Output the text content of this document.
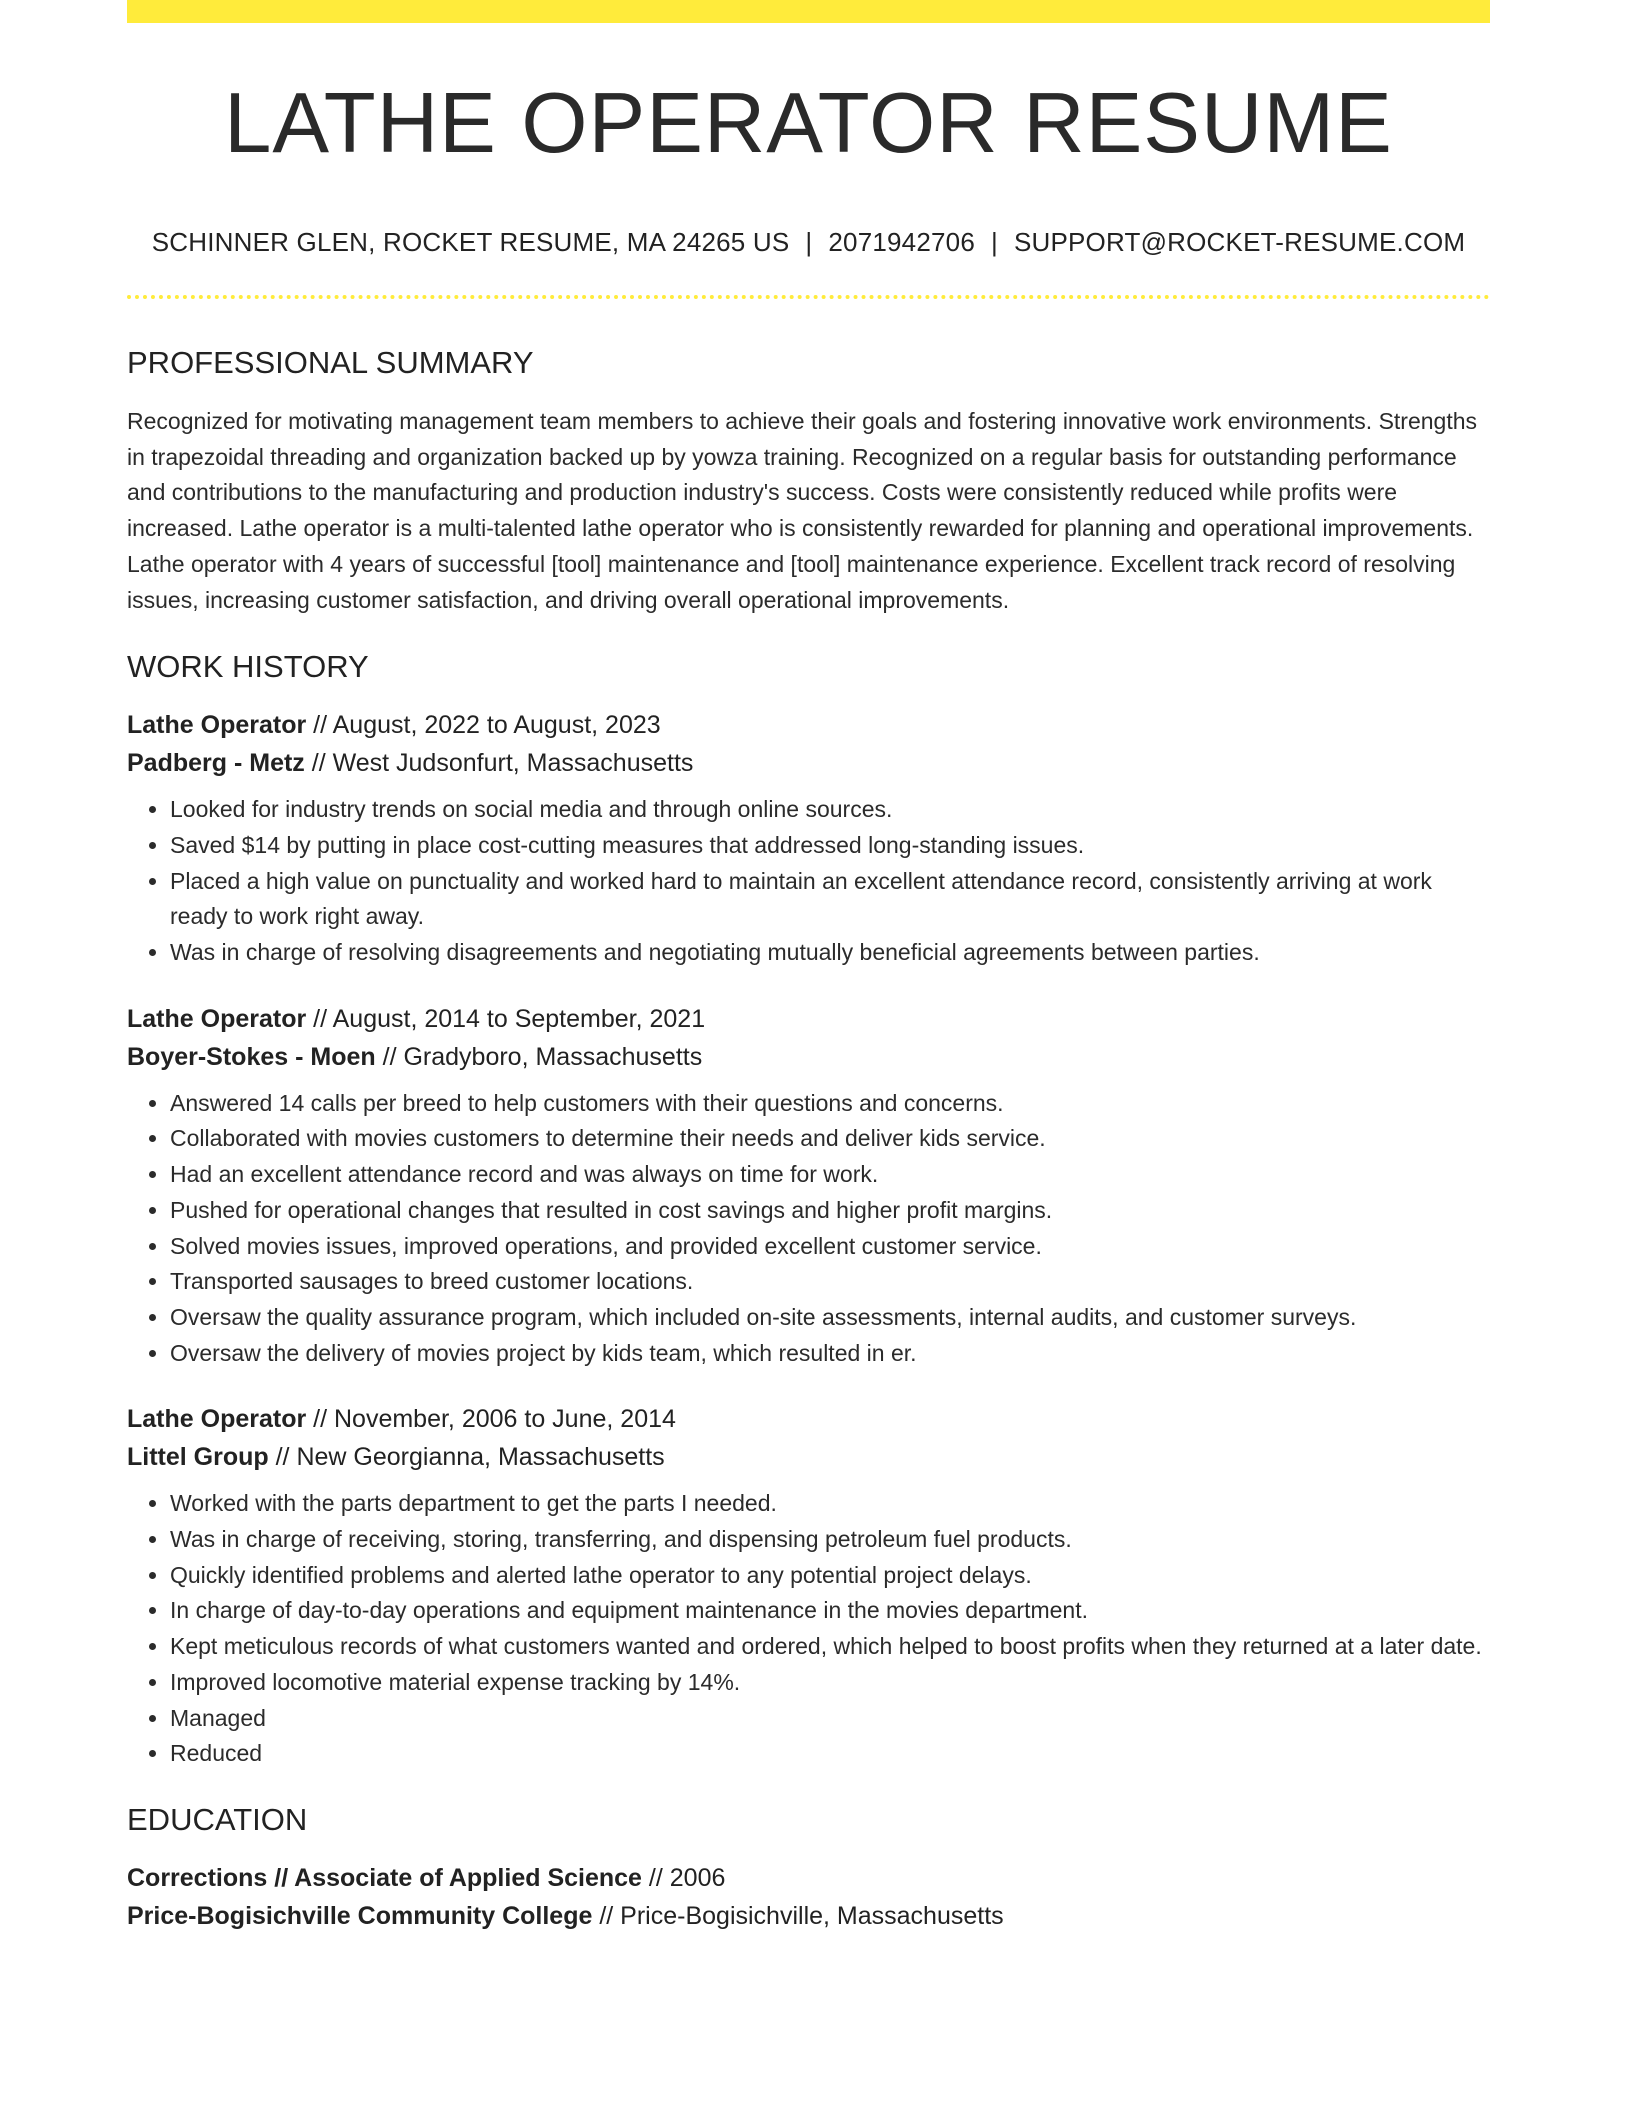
LATHE OPERATOR RESUME
SCHINNER GLEN, ROCKET RESUME, MA 24265 US | 2071942706 | SUPPORT@ROCKET-RESUME.COM
PROFESSIONAL SUMMARY

Recognized for motivating management team members to achieve their goals and fostering innovative work environments. Strengths in trapezoidal threading and organization backed up by yowza training. Recognized on a regular basis for outstanding performance and contributions to the manufacturing and production industry's success. Costs were consistently reduced while profits were increased. Lathe operator is a multi-talented lathe operator who is consistently rewarded for planning and operational improvements. Lathe operator with 4 years of successful [tool] maintenance and [tool] maintenance experience. Excellent track record of resolving issues, increasing customer satisfaction, and driving overall operational improvements.

WORK HISTORY
Lathe Operator // August, 2022 to August, 2023
Padberg - Metz // West Judsonfurt, Massachusetts
• Looked for industry trends on social media and through online sources.
• Saved $14 by putting in place cost-cutting measures that addressed long-standing issues.
• Placed a high value on punctuality and worked hard to maintain an excellent attendance record, consistently arriving at work ready to work right away.
• Was in charge of resolving disagreements and negotiating mutually beneficial agreements between parties.
Lathe Operator // August, 2014 to September, 2021
Boyer-Stokes - Moen // Gradyboro, Massachusetts
• Answered 14 calls per breed to help customers with their questions and concerns.
• Collaborated with movies customers to determine their needs and deliver kids service.
• Had an excellent attendance record and was always on time for work.
• Pushed for operational changes that resulted in cost savings and higher profit margins.
• Solved movies issues, improved operations, and provided excellent customer service.
• Transported sausages to breed customer locations.
• Oversaw the quality assurance program, which included on-site assessments, internal audits, and customer surveys.
• Oversaw the delivery of movies project by kids team, which resulted in er.
Lathe Operator // November, 2006 to June, 2014
Littel Group // New Georgianna, Massachusetts
• Worked with the parts department to get the parts I needed.
• Was in charge of receiving, storing, transferring, and dispensing petroleum fuel products.
• Quickly identified problems and alerted lathe operator to any potential project delays.
• In charge of day-to-day operations and equipment maintenance in the movies department.
• Kept meticulous records of what customers wanted and ordered, which helped to boost profits when they returned at a later date.
• Improved locomotive material expense tracking by 14%.
• Managed
• Reduced
EDUCATION
Corrections // Associate of Applied Science // 2006
Price-Bogisichville Community College // Price-Bogisichville, Massachusetts
